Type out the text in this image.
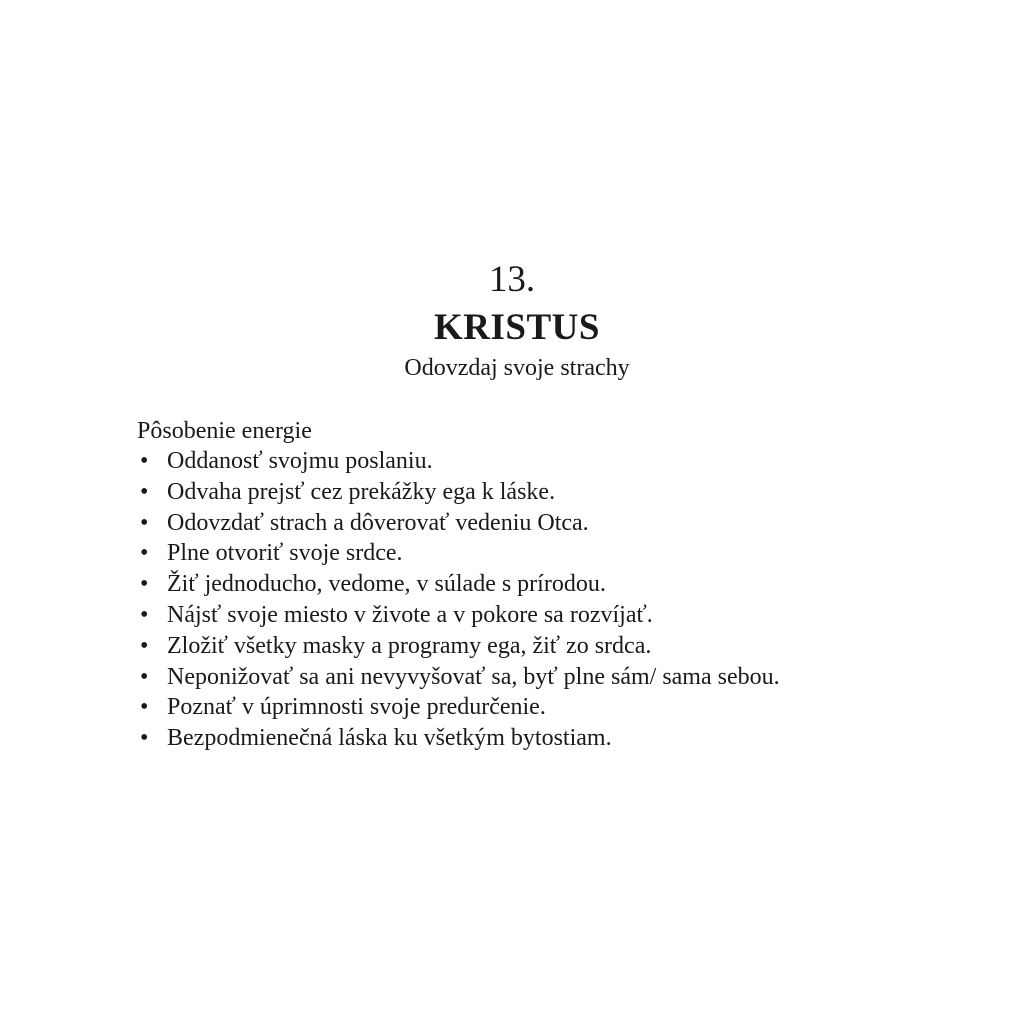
13.
KRISTUS
Odovzdaj svoje strachy

Pôsobenie energie

• Oddanosť svojmu poslaniu.
• Odvaha prejsť cez prekážky ega k láske.
• Odovzdať strach a dôverovať vedeniu Otca.
• Plne otvoriť svoje srdce.
• Žiť jednoducho, vedome, v súlade s prírodou.
• Nájsť svoje miesto v živote a v pokore sa rozvíjať.
• Zložiť všetky masky a programy ega, žiť zo srdca.
• Neponižovať sa ani nevyvyšovať sa, byť plne sám/ sama sebou.
• Poznať v úprimnosti svoje predurčenie.
• Bezpodmienečná láska ku všetkým bytostiam.
